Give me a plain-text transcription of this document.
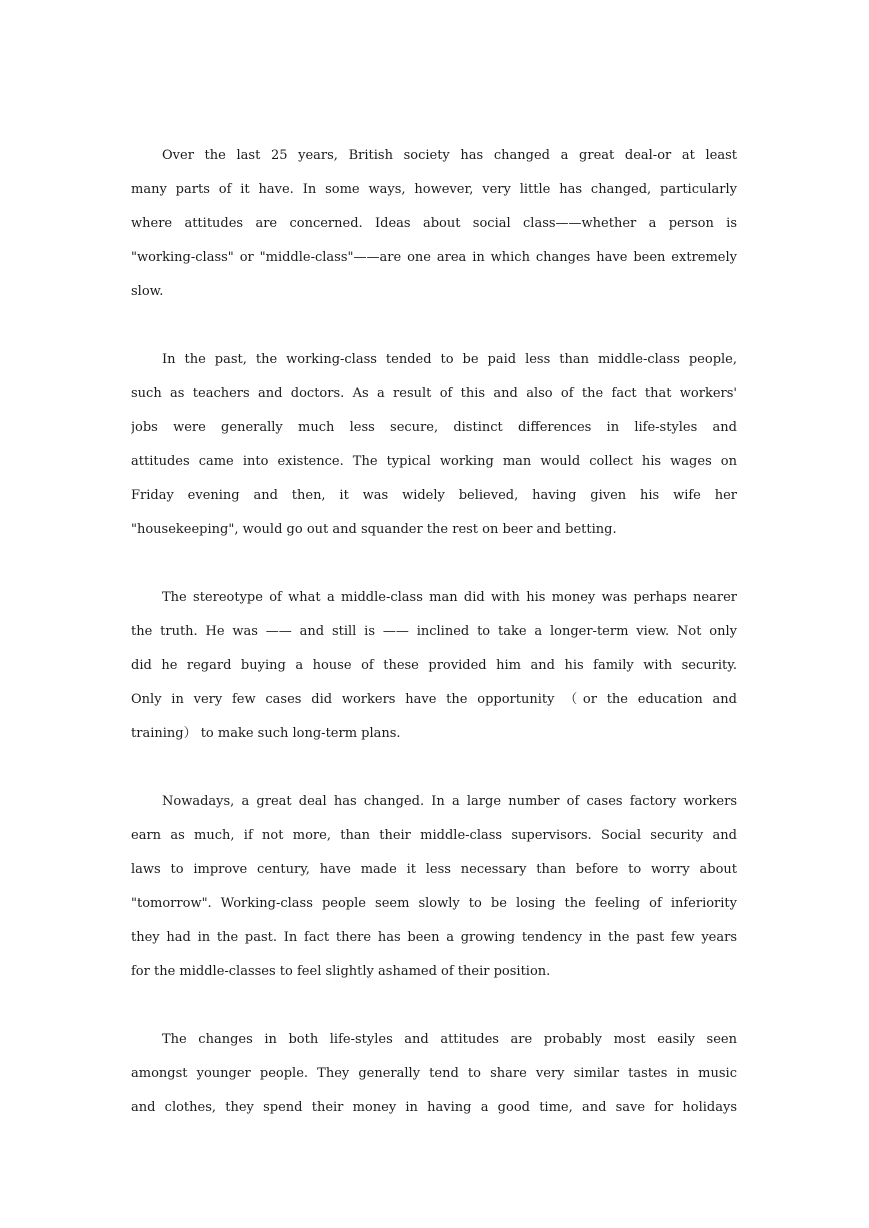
Over the last 25 years, British society has changed a great deal-or at least
many parts of it have. In some ways, however, very little has changed, particularly
where attitudes are concerned. Ideas about social class——whether a person is
"working-class" or "middle-class"——are one area in which changes have been extremely
slow.
In the past, the working-class tended to be paid less than middle-class people,
such as teachers and doctors. As a result of this and also of the fact that workers'
jobs were generally much less secure, distinct differences in life-styles and
attitudes came into existence. The typical working man would collect his wages on
Friday evening and then, it was widely believed, having given his wife her
"housekeeping", would go out and squander the rest on beer and betting.
The stereotype of what a middle-class man did with his money was perhaps nearer
the truth. He was —— and still is —— inclined to take a longer-term view. Not only
did he regard buying a house of these provided him and his family with security.
Only in very few cases did workers have the opportunity （or the education and
training） to make such long-term plans.
Nowadays, a great deal has changed. In a large number of cases factory workers
earn as much, if not more, than their middle-class supervisors. Social security and
laws to improve century, have made it less necessary than before to worry about
"tomorrow". Working-class people seem slowly to be losing the feeling of inferiority
they had in the past. In fact there has been a growing tendency in the past few years
for the middle-classes to feel slightly ashamed of their position.
The changes in both life-styles and attitudes are probably most easily seen
amongst younger people. They generally tend to share very similar tastes in music
and clothes, they spend their money in having a good time, and save for holidays
